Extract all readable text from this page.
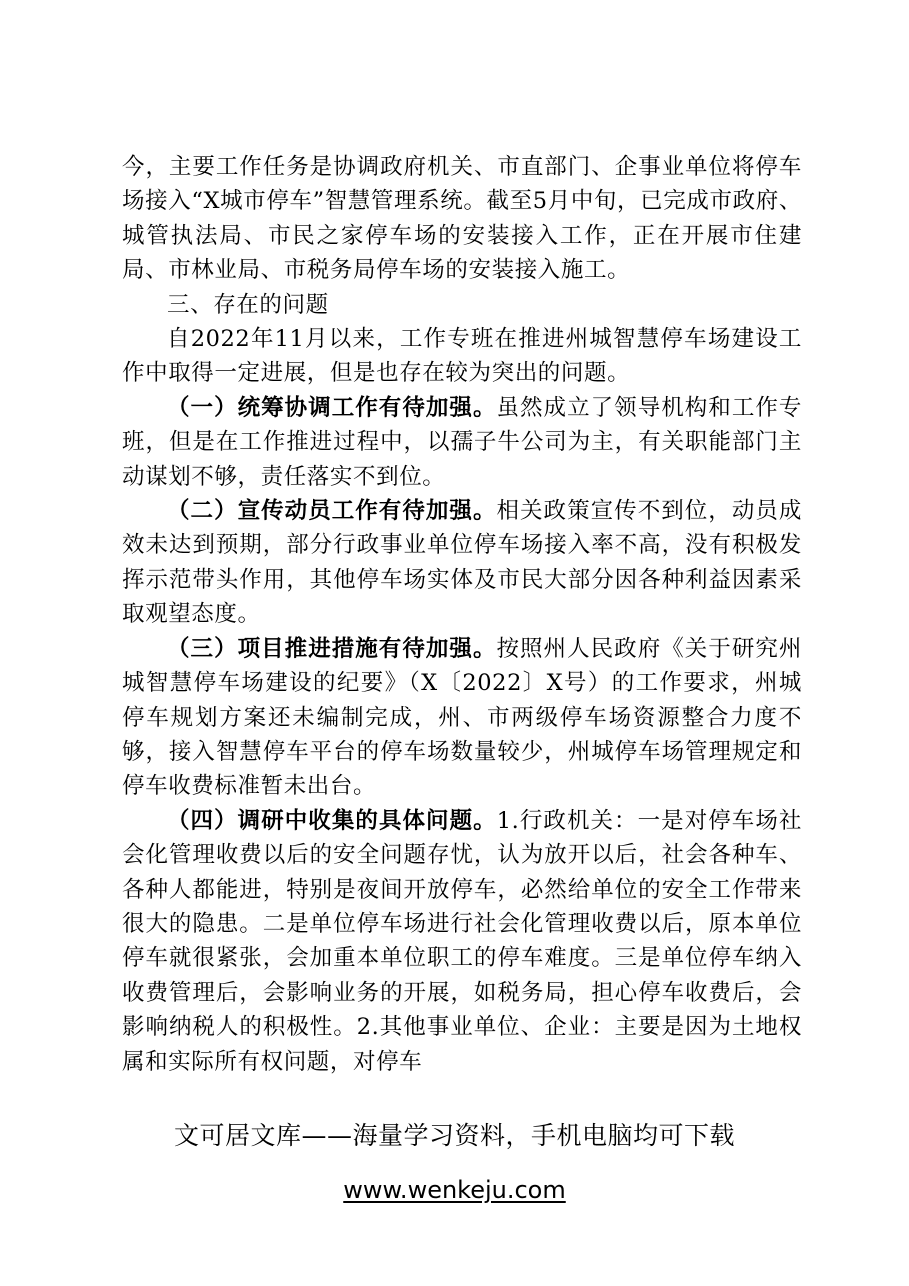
今，主要工作任务是协调政府机关、市直部门、企事业单位将停车场接入“X城市停车”智慧管理系统。截至5月中旬，已完成市政府、城管执法局、市民之家停车场的安装接入工作，正在开展市住建局、市林业局、市税务局停车场的安装接入施工。

三、存在的问题

自2022年11月以来，工作专班在推进州城智慧停车场建设工作中取得一定进展，但是也存在较为突出的问题。

（一）统筹协调工作有待加强。虽然成立了领导机构和工作专班，但是在工作推进过程中，以孺子牛公司为主，有关职能部门主动谋划不够，责任落实不到位。

（二）宣传动员工作有待加强。相关政策宣传不到位，动员成效未达到预期，部分行政事业单位停车场接入率不高，没有积极发挥示范带头作用，其他停车场实体及市民大部分因各种利益因素采取观望态度。

（三）项目推进措施有待加强。按照州人民政府《关于研究州城智慧停车场建设的纪要》（X〔2022〕X号）的工作要求，州城停车规划方案还未编制完成，州、市两级停车场资源整合力度不够，接入智慧停车平台的停车场数量较少，州城停车场管理规定和停车收费标准暂未出台。

（四）调研中收集的具体问题。1.行政机关：一是对停车场社会化管理收费以后的安全问题存忧，认为放开以后，社会各种车、各种人都能进，特别是夜间开放停车，必然给单位的安全工作带来很大的隐患。二是单位停车场进行社会化管理收费以后，原本单位停车就很紧张，会加重本单位职工的停车难度。三是单位停车纳入收费管理后，会影响业务的开展，如税务局，担心停车收费后，会影响纳税人的积极性。2.其他事业单位、企业：主要是因为土地权属和实际所有权问题，对停车

文可居文库——海量学习资料，手机电脑均可下载
www.wenkeju.com
